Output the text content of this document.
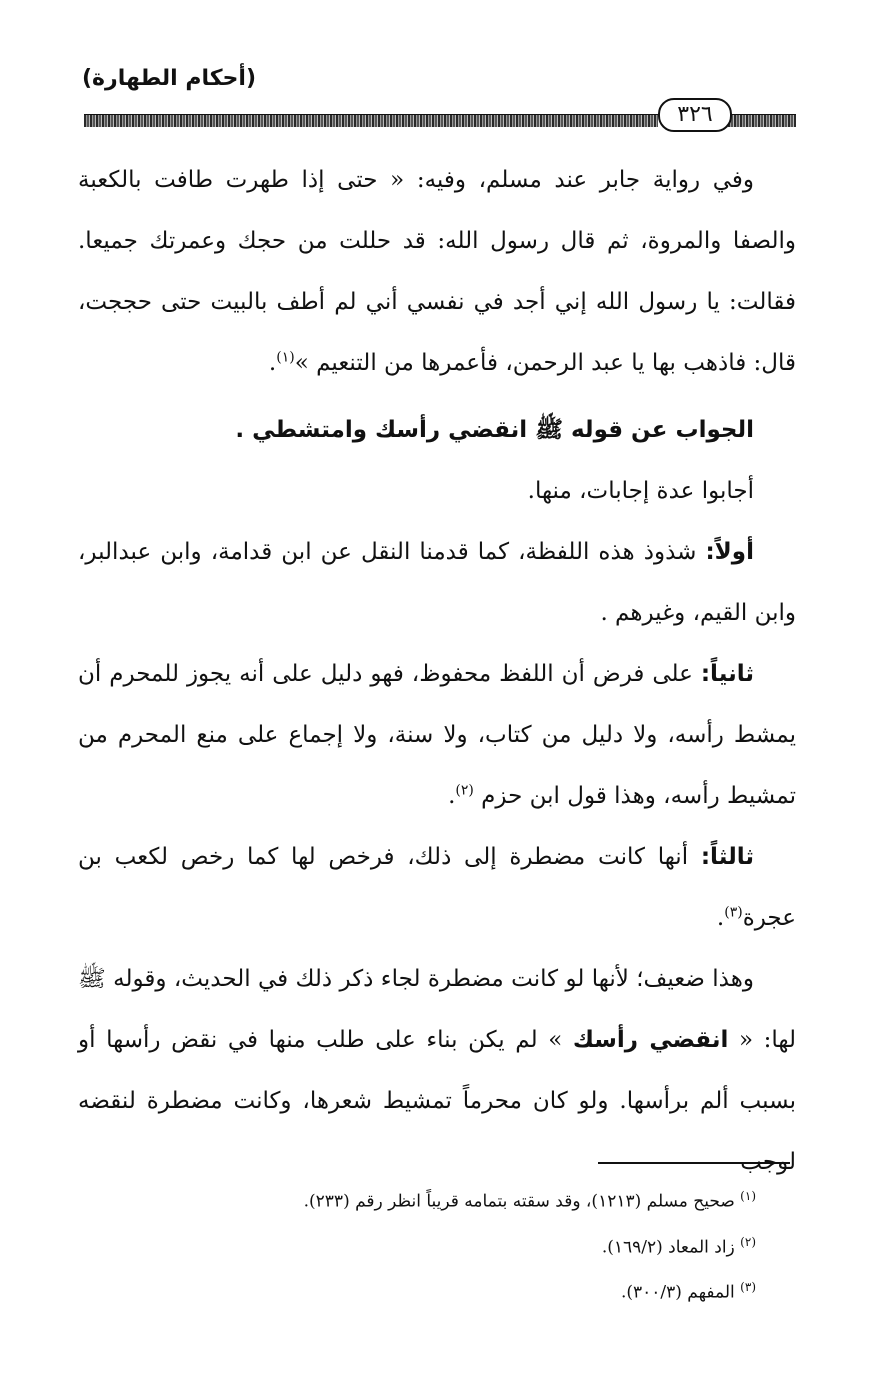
(أحكام الطهارة)
٣٢٦

وفي رواية جابر عند مسلم، وفيه: « حتى إذا طهرت طافت بالكعبة والصفا والمروة، ثم قال رسول الله: قد حللت من حجك وعمرتك جميعا. فقالت: يا رسول الله إني أجد في نفسي أني لم أطف بالبيت حتى حججت، قال: فاذهب بها يا عبد الرحمن، فأعمرها من التنعيم »$^{(١)}$.

الجواب عن قوله ﷺ انقضي رأسك وامتشطي .

أجابوا عدة إجابات، منها.

أولاً: شذوذ هذه اللفظة، كما قدمنا النقل عن ابن قدامة، وابن عبدالبر، وابن القيم، وغيرهم .

ثانياً: على فرض أن اللفظ محفوظ، فهو دليل على أنه يجوز للمحرم أن يمشط رأسه، ولا دليل من كتاب، ولا سنة، ولا إجماع على منع المحرم من تمشيط رأسه، وهذا قول ابن حزم $^{(٢)}$.

ثالثاً: أنها كانت مضطرة إلى ذلك، فرخص لها كما رخص لكعب بن عجرة$^{(٣)}$.

وهذا ضعيف؛ لأنها لو كانت مضطرة لجاء ذكر ذلك في الحديث، وقوله ﷺ لها: « انقضي رأسك » لم يكن بناء على طلب منها في نقض رأسها أو بسبب ألم برأسها. ولو كان محرماً تمشيط شعرها، وكانت مضطرة لنقضه لوجب

$^{(١)}$ صحيح مسلم (١٢١٣)، وقد سقته بتمامه قريباً انظر رقم (٢٣٣).

$^{(٢)}$ زاد المعاد (١٦٩/٢).

$^{(٣)}$ المفهم (٣٠٠/٣).
